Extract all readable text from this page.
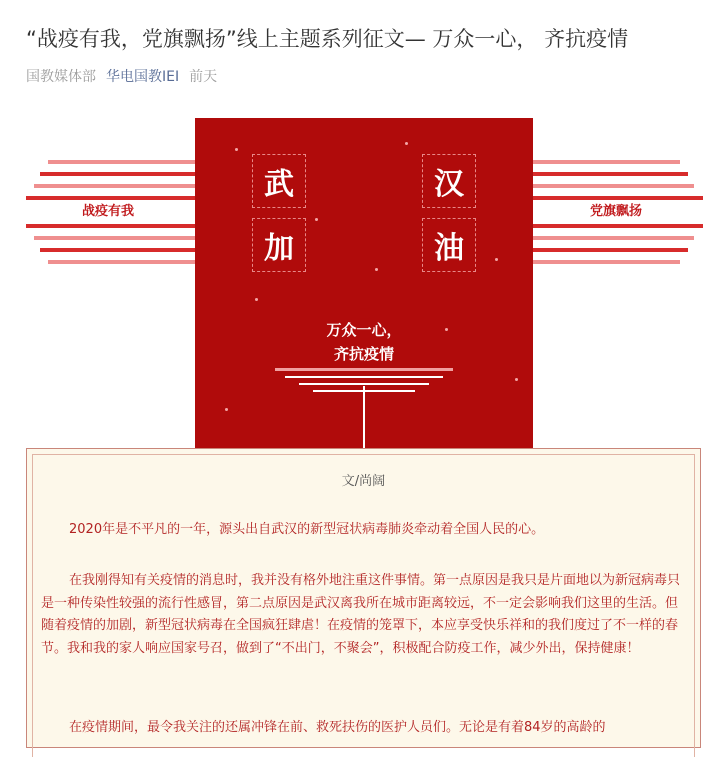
“战疫有我，党旗飘扬”线上主题系列征文— 万众一心， 齐抗疫情
国教媒体部 华电国教IEI 前天
战疫有我	党旗飘扬
武	汉
加	油
万众一心，
齐抗疫情
文/尚阔

2020年是不平凡的一年，源头出自武汉的新型冠状病毒肺炎牵动着全国人民的心。

在我刚得知有关疫情的消息时，我并没有格外地注重这件事情。第一点原因是我只是片面地以为新冠病毒只是一种传染性较强的流行性感冒，第二点原因是武汉离我所在城市距离较远，不一定会影响我们这里的生活。但随着疫情的加剧，新型冠状病毒在全国疯狂肆虐！在疫情的笼罩下，本应享受快乐祥和的我们度过了不一样的春节。我和我的家人响应国家号召，做到了“不出门，不聚会”，积极配合防疫工作，减少外出，保持健康！

在疫情期间，最令我关注的还属冲锋在前、救死扶伤的医护人员们。无论是有着84岁的高龄的
